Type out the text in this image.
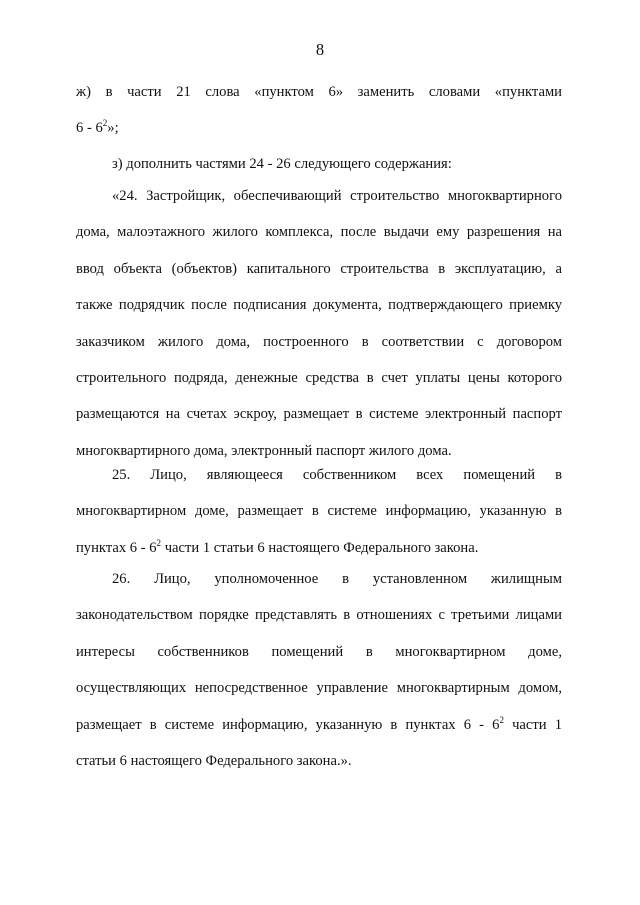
8
ж) в части 21 слова «пунктом 6» заменить словами «пунктами
$6 - 6^2$»;
з) дополнить частями 24 - 26 следующего содержания:
«24. Застройщик, обеспечивающий строительство многоквартирного
дома, малоэтажного жилого комплекса, после выдачи ему разрешения на
ввод объекта (объектов) капитального строительства в эксплуатацию, а
также подрядчик после подписания документа, подтверждающего приемку
заказчиком жилого дома, построенного в соответствии с договором
строительного подряда, денежные средства в счет уплаты цены которого
размещаются на счетах эскроу, размещает в системе электронный паспорт
многоквартирного дома, электронный паспорт жилого дома.
25. Лицо, являющееся собственником всех помещений в
многоквартирном доме, размещает в системе информацию, указанную в
пунктах $6 - 6^2$ части 1 статьи 6 настоящего Федерального закона.
26. Лицо, уполномоченное в установленном жилищным
законодательством порядке представлять в отношениях с третьими лицами
интересы собственников помещений в многоквартирном доме,
осуществляющих непосредственное управление многоквартирным домом,
размещает в системе информацию, указанную в пунктах $6 - 6^2$ части 1
статьи 6 настоящего Федерального закона.».
